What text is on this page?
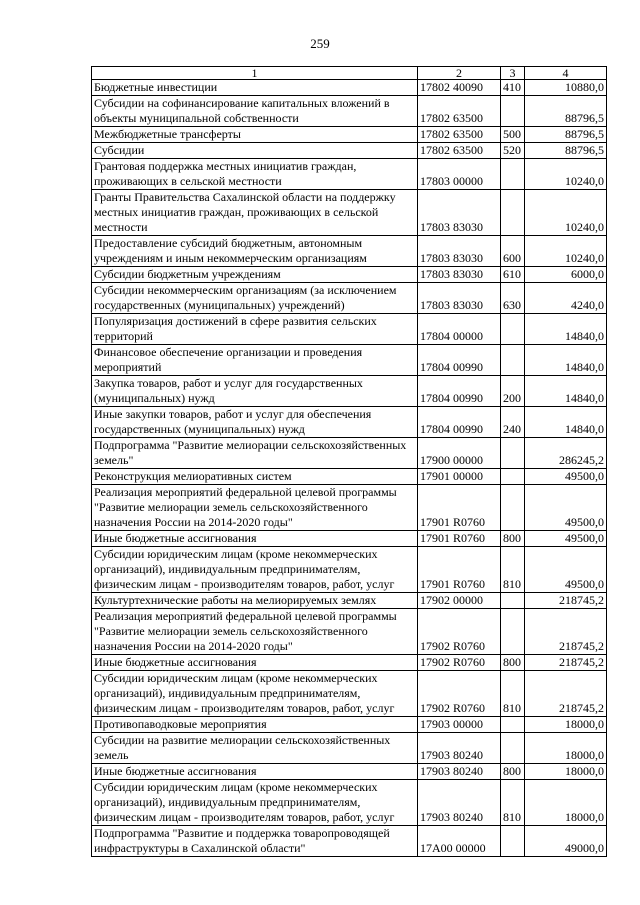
259
1	2	3	4
Бюджетные инвестиции	17802 40090	410	10880,0
Субсидии на софинансирование капитальных вложений в объекты муниципальной собственности	17802 63500		88796,5
Межбюджетные трансферты	17802 63500	500	88796,5
Субсидии	17802 63500	520	88796,5
Грантовая поддержка местных инициатив граждан, проживающих в сельской местности	17803 00000		10240,0
Гранты Правительства Сахалинской области на поддержку местных инициатив граждан, проживающих в сельской местности	17803 83030		10240,0
Предоставление субсидий бюджетным, автономным учреждениям и иным некоммерческим организациям	17803 83030	600	10240,0
Субсидии бюджетным учреждениям	17803 83030	610	6000,0
Субсидии некоммерческим организациям (за исключением государственных (муниципальных) учреждений)	17803 83030	630	4240,0
Популяризация достижений в сфере развития сельских территорий	17804 00000		14840,0
Финансовое обеспечение организации и проведения мероприятий	17804 00990		14840,0
Закупка товаров, работ и услуг для государственных (муниципальных) нужд	17804 00990	200	14840,0
Иные закупки товаров, работ и услуг для обеспечения государственных (муниципальных) нужд	17804 00990	240	14840,0
Подпрограмма "Развитие мелиорации сельскохозяйственных земель"	17900 00000		286245,2
Реконструкция мелиоративных систем	17901 00000		49500,0
Реализация мероприятий федеральной целевой программы "Развитие мелиорации земель сельскохозяйственного назначения России на 2014-2020 годы"	17901 R0760		49500,0
Иные бюджетные ассигнования	17901 R0760	800	49500,0
Субсидии юридическим лицам (кроме некоммерческих организаций), индивидуальным предпринимателям, физическим лицам - производителям товаров, работ, услуг	17901 R0760	810	49500,0
Культуртехнические работы на мелиорируемых землях	17902 00000		218745,2
Реализация мероприятий федеральной целевой программы "Развитие мелиорации земель сельскохозяйственного назначения России на 2014-2020 годы"	17902 R0760		218745,2
Иные бюджетные ассигнования	17902 R0760	800	218745,2
Субсидии юридическим лицам (кроме некоммерческих организаций), индивидуальным предпринимателям, физическим лицам - производителям товаров, работ, услуг	17902 R0760	810	218745,2
Противопаводковые мероприятия	17903 00000		18000,0
Субсидии на развитие мелиорации сельскохозяйственных земель	17903 80240		18000,0
Иные бюджетные ассигнования	17903 80240	800	18000,0
Субсидии юридическим лицам (кроме некоммерческих организаций), индивидуальным предпринимателям, физическим лицам - производителям товаров, работ, услуг	17903 80240	810	18000,0
Подпрограмма "Развитие и поддержка товаропроводящей инфраструктуры в Сахалинской области"	17А00 00000		49000,0
